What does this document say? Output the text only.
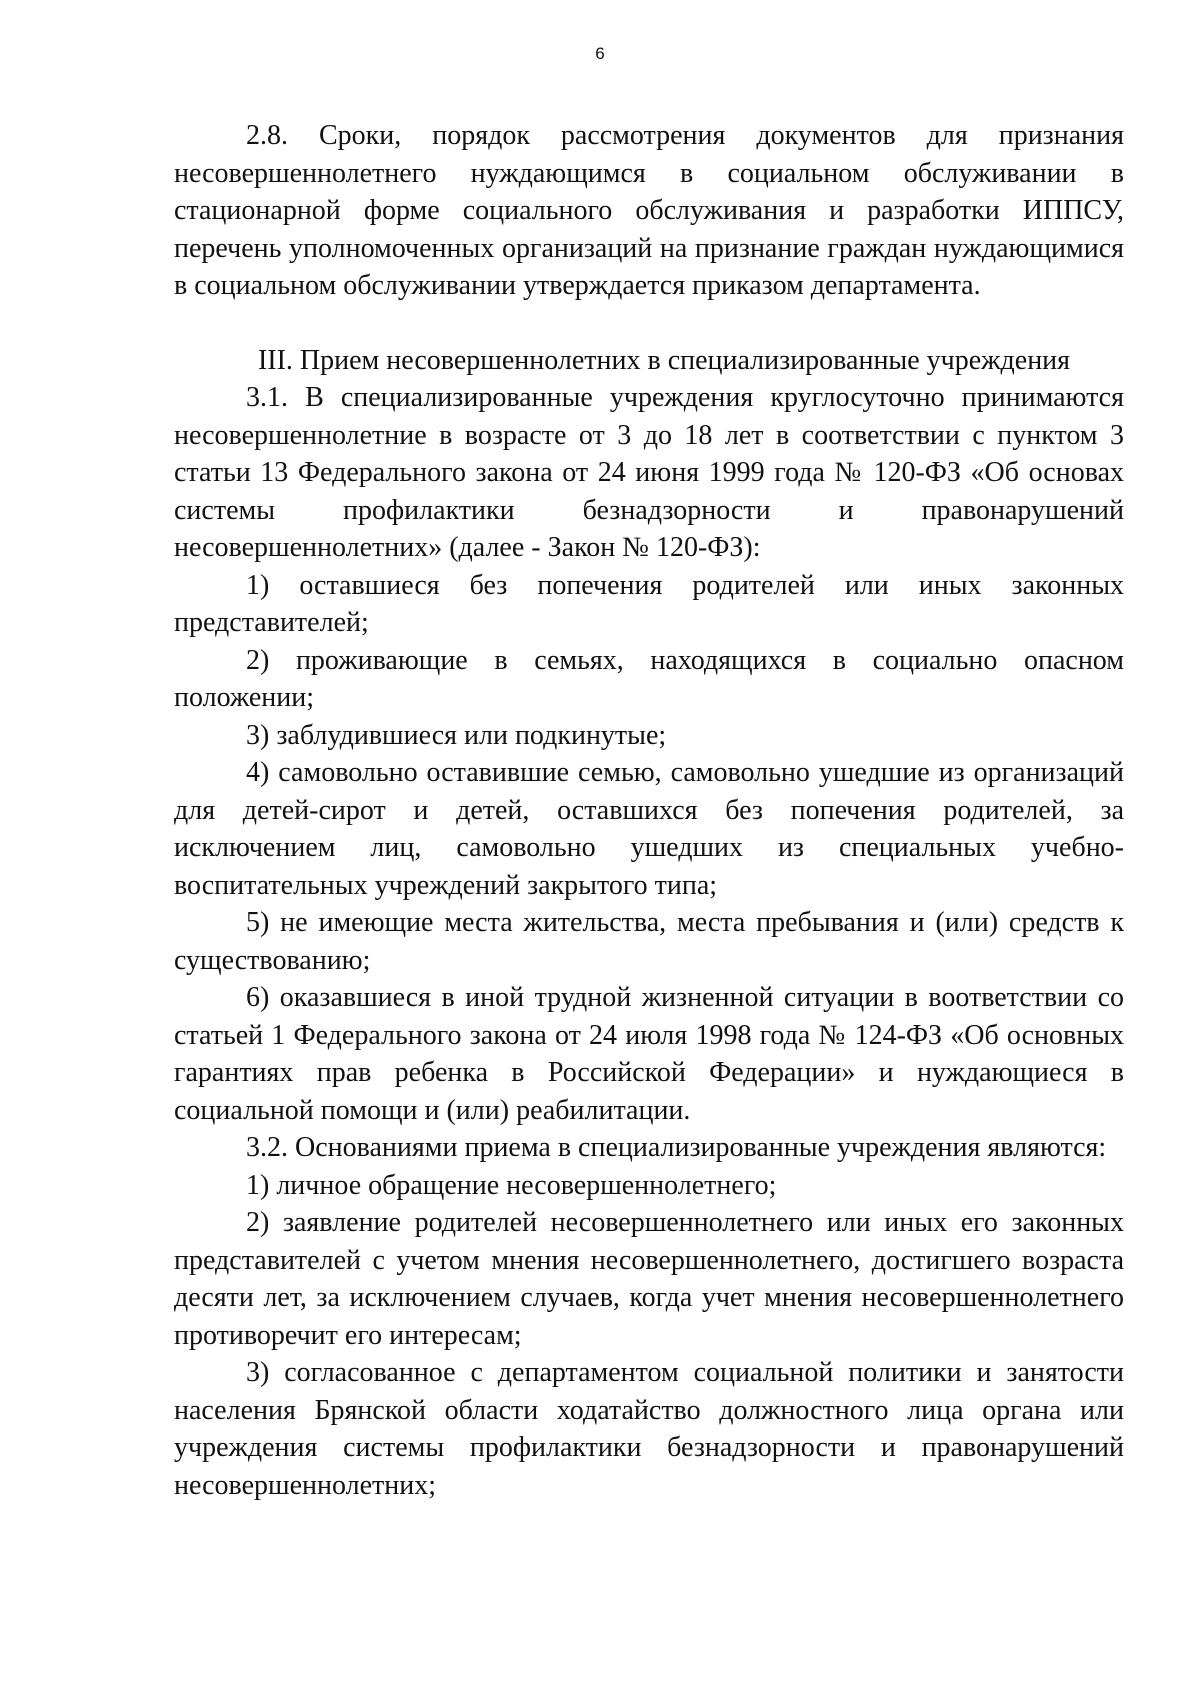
6

2.8. Сроки, порядок рассмотрения документов для признания несовершеннолетнего нуждающимся в социальном обслуживании в стационарной форме социального обслуживания и разработки ИППСУ, перечень уполномоченных организаций на признание граждан нуждающимися в социальном обслуживании утверждается приказом департамента.

III. Прием несовершеннолетних в специализированные учреждения

3.1. В специализированные учреждения круглосуточно принимаются несовершеннолетние в возрасте от 3 до 18 лет в соответствии с пунктом 3 статьи 13 Федерального закона от 24 июня 1999 года № 120-ФЗ «Об основах системы профилактики безнадзорности и правонарушений несовершеннолетних» (далее - Закон № 120-ФЗ):

1) оставшиеся без попечения родителей или иных законных представителей;

2) проживающие в семьях, находящихся в социально опасном положении;

3) заблудившиеся или подкинутые;

4) самовольно оставившие семью, самовольно ушедшие из организаций для детей-сирот и детей, оставшихся без попечения родителей, за исключением лиц, самовольно ушедших из специальных учебно-воспитательных учреждений закрытого типа;

5) не имеющие места жительства, места пребывания и (или) средств к существованию;

6) оказавшиеся в иной трудной жизненной ситуации в воответствии со статьей 1 Федерального закона от 24 июля 1998 года № 124-ФЗ «Об основных гарантиях прав ребенка в Российской Федерации» и нуждающиеся в социальной помощи и (или) реабилитации.

3.2. Основаниями приема в специализированные учреждения являются:

1) личное обращение несовершеннолетнего;

2) заявление родителей несовершеннолетнего или иных его законных представителей с учетом мнения несовершеннолетнего, достигшего возраста десяти лет, за исключением случаев, когда учет мнения несовершеннолетнего противоречит его интересам;

3) согласованное с департаментом социальной политики и занятости населения Брянской области ходатайство должностного лица органа или учреждения системы профилактики безнадзорности и правонарушений несовершеннолетних;
